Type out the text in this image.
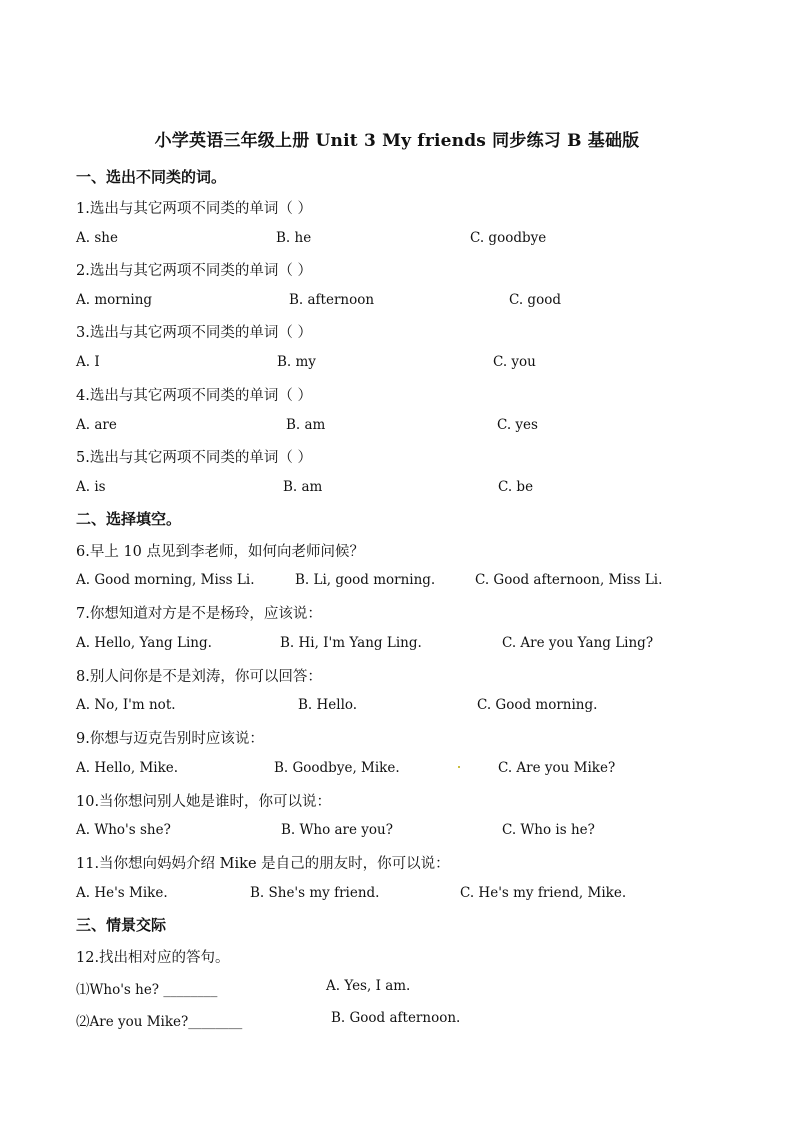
小学英语三年级上册 Unit 3 My friends 同步练习 B 基础版
一、选出不同类的词。
1.选出与其它两项不同类的单词（ ）
A. she	B. he	C. goodbye
2.选出与其它两项不同类的单词（ ）
A. morning	B. afternoon	C. good
3.选出与其它两项不同类的单词（ ）
A. I	B. my	C. you
4.选出与其它两项不同类的单词（ ）
A. are	B. am	C. yes
5.选出与其它两项不同类的单词（ ）
A. is	B. am	C. be
二、选择填空。
6.早上 10 点见到李老师，如何向老师问候？
A. Good morning, Miss Li.	B. Li, good morning.	C. Good afternoon, Miss Li.
7.你想知道对方是不是杨玲，应该说：
A. Hello, Yang Ling.	B. Hi, I'm Yang Ling.	C. Are you Yang Ling?
8.别人问你是不是刘涛，你可以回答：
A. No, I'm not.	B. Hello.	C. Good morning.
9.你想与迈克告别时应该说：
A. Hello, Mike.	B. Goodbye, Mike.	C. Are you Mike?
10.当你想问别人她是谁时，你可以说：
A. Who's she?	B. Who are you?	C. Who is he?
11.当你想向妈妈介绍 Mike 是自己的朋友时，你可以说：
A. He's Mike.	B. She's my friend.	C. He's my friend, Mike.
三、情景交际
12.找出相对应的答句。
⑴Who's he? ________	A. Yes, I am.
⑵Are you Mike?________	B. Good afternoon.
